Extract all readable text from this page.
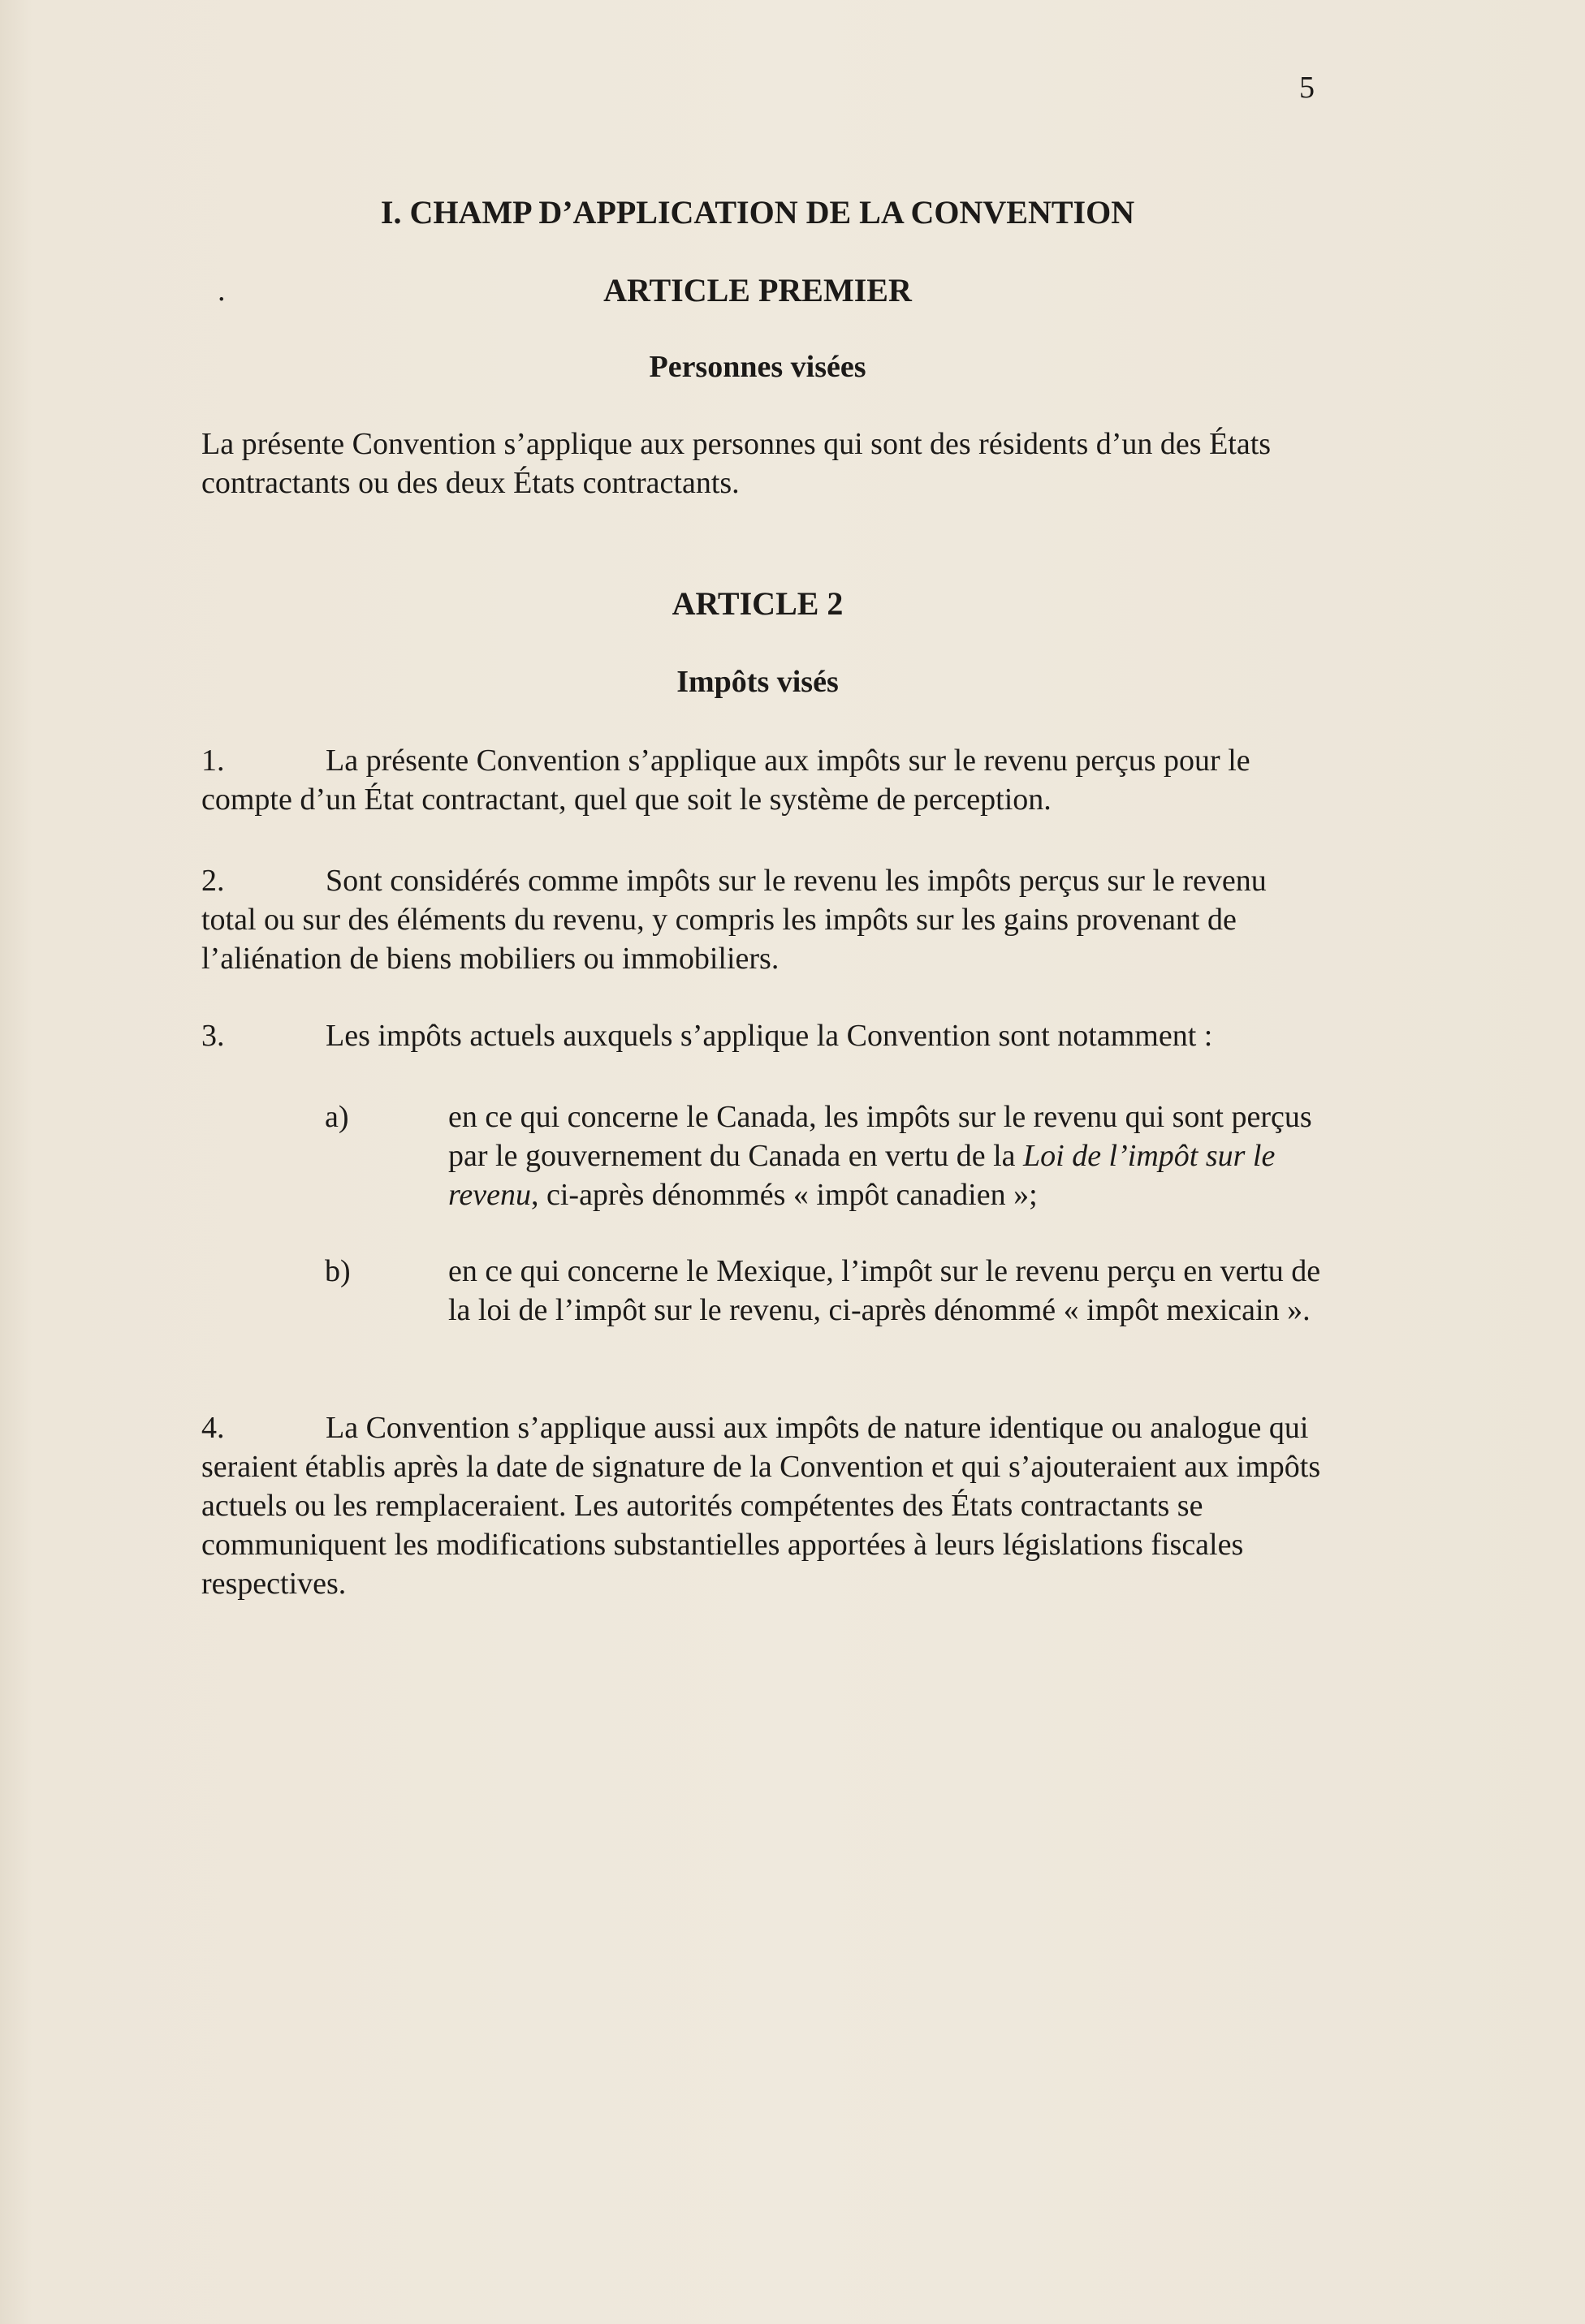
5
I. CHAMP D’APPLICATION DE LA CONVENTION
.	ARTICLE PREMIER
Personnes visées

La présente Convention s’applique aux personnes qui sont des résidents d’un des États contractants ou des deux États contractants.

ARTICLE 2
Impôts visés

1.	La présente Convention s’applique aux impôts sur le revenu perçus pour le compte d’un État contractant, quel que soit le système de perception.

2.	Sont considérés comme impôts sur le revenu les impôts perçus sur le revenu total ou sur des éléments du revenu, y compris les impôts sur les gains provenant de l’aliénation de biens mobiliers ou immobiliers.

3.	Les impôts actuels auxquels s’applique la Convention sont notamment :

a)	en ce qui concerne le Canada, les impôts sur le revenu qui sont perçus par le gouvernement du Canada en vertu de la Loi de l’impôt sur le revenu, ci-après dénommés « impôt canadien »;
b)	en ce qui concerne le Mexique, l’impôt sur le revenu perçu en vertu de la loi de l’impôt sur le revenu, ci-après dénommé « impôt mexicain ».

4.	La Convention s’applique aussi aux impôts de nature identique ou analogue qui seraient établis après la date de signature de la Convention et qui s’ajouteraient aux impôts actuels ou les remplaceraient. Les autorités compétentes des États contractants se communiquent les modifications substantielles apportées à leurs législations fiscales respectives.
